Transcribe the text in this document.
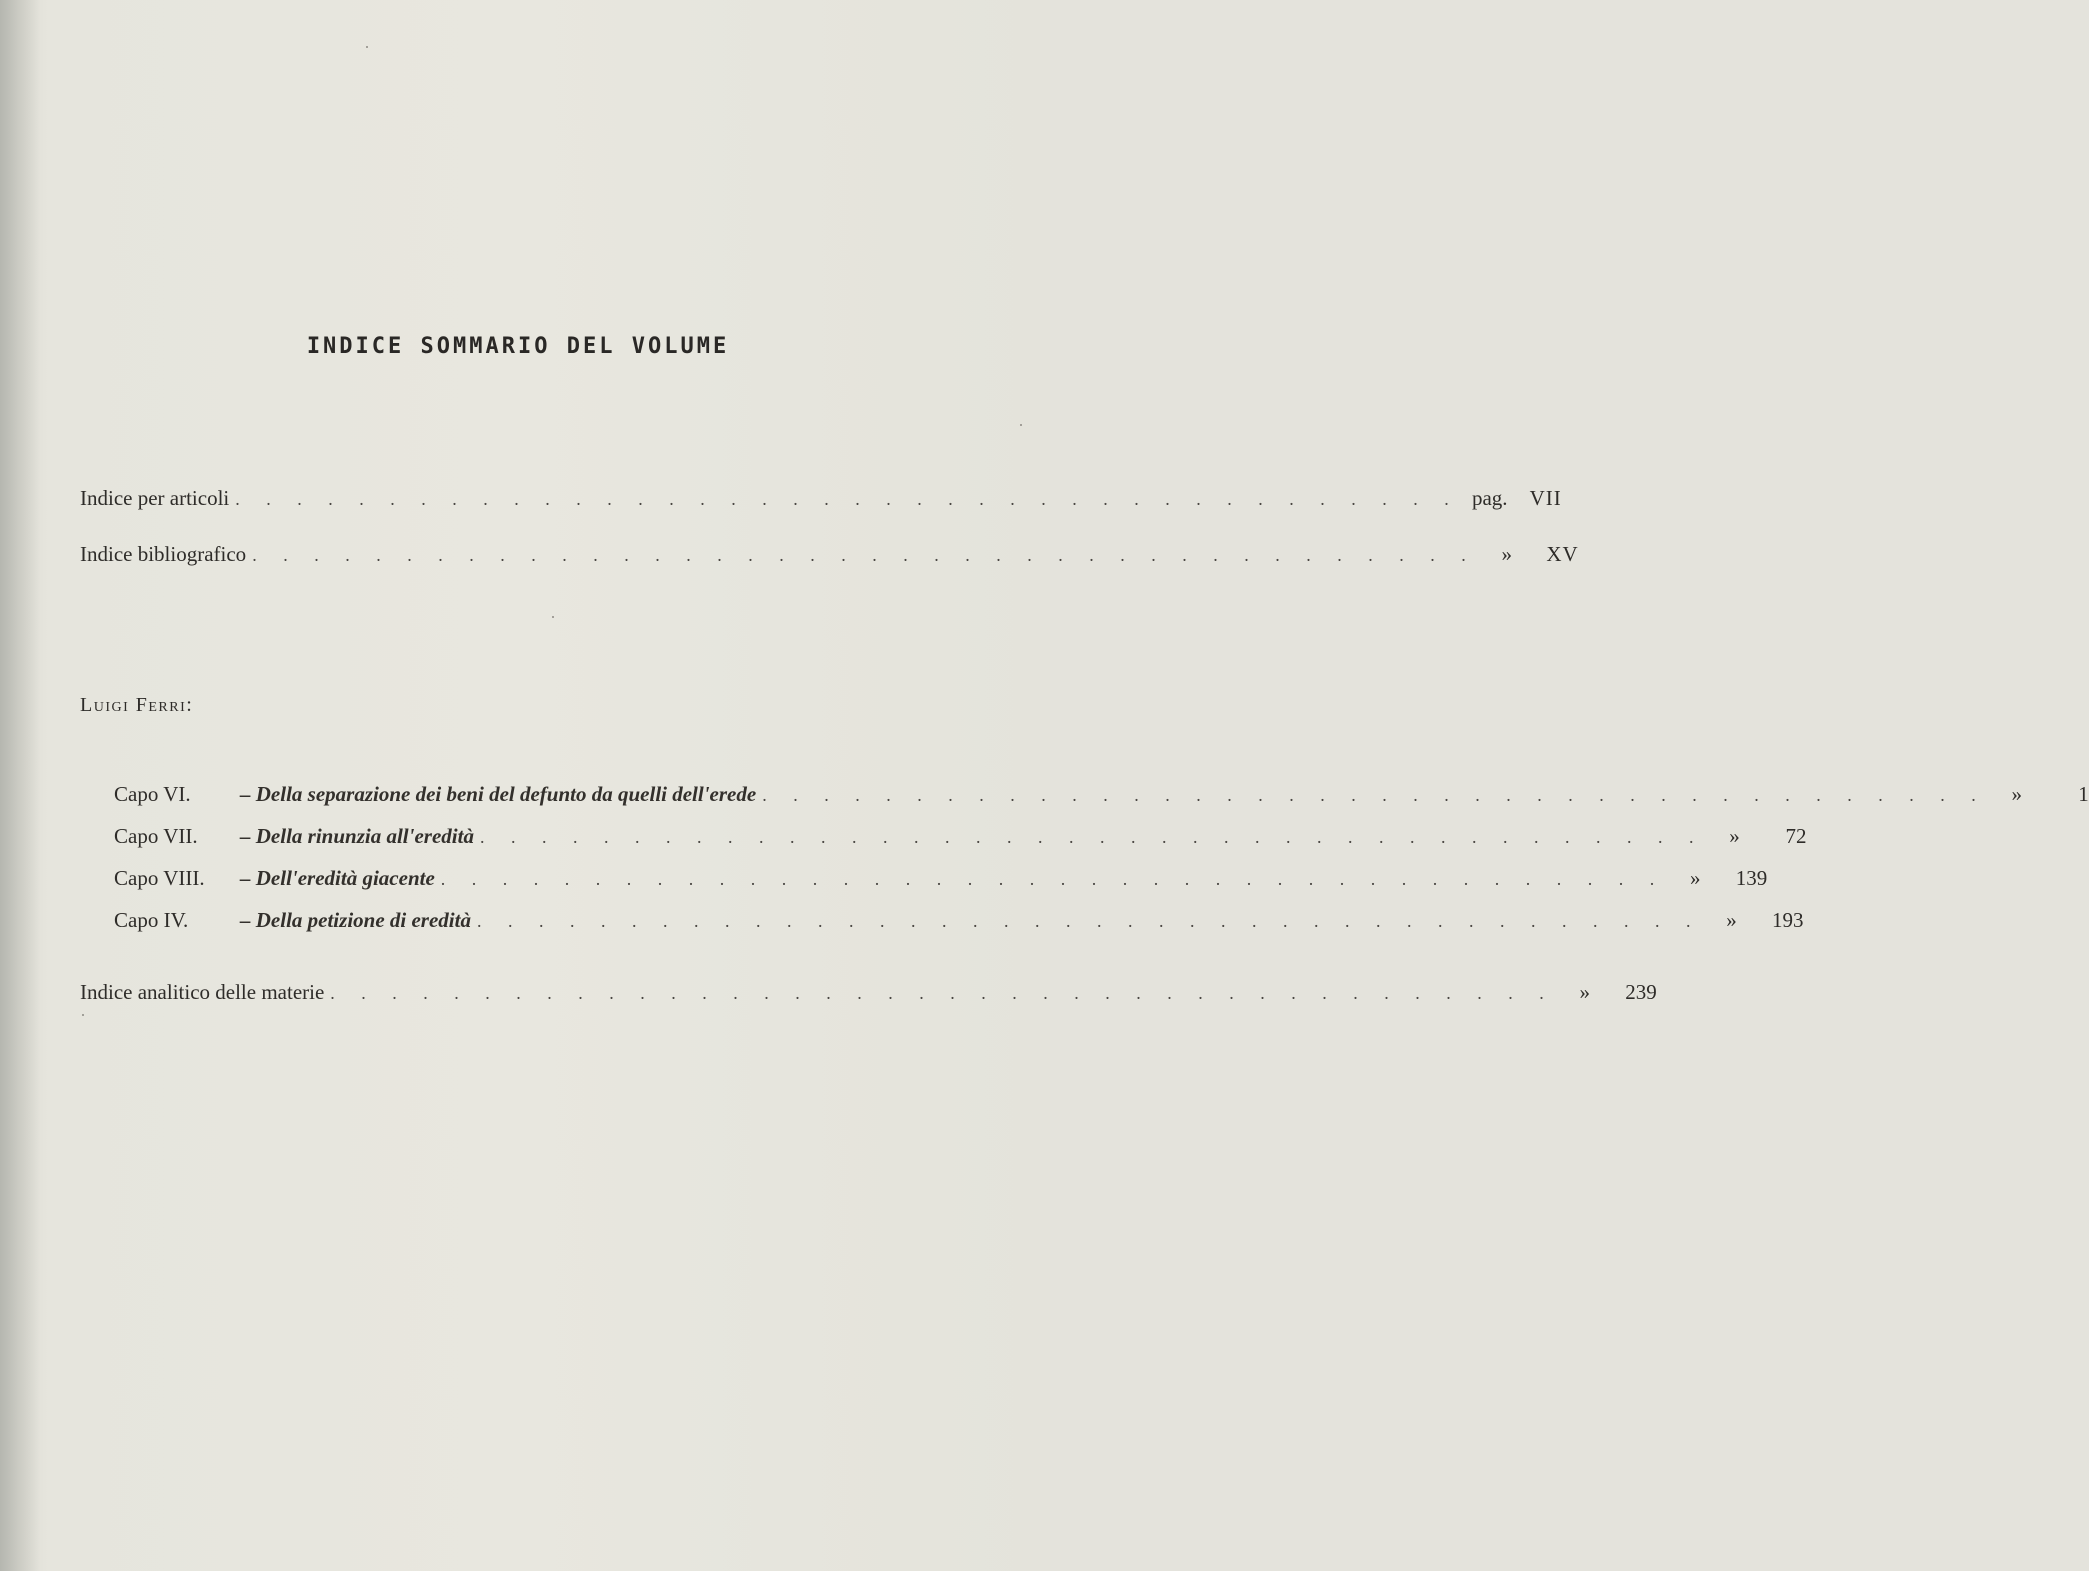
INDICE SOMMARIO DEL VOLUME
Indice per articoli . . . . . . . . . . . . . . . . . . . . . . . . . . . . . . . . . . . . . . . . pag.	VII
Indice bibliografico . . . . . . . . . . . . . . . . . . . . . . . . . . . . . . . . . . . . . . . .	»	XV
Luigi Ferri:
Capo VI.	– Della separazione dei beni del defunto da quelli dell'erede . . . . . . . . . . . . . . . . . . . . . . . . . . . . . . . . . . . . . . . .	»	1
Capo VII.	– Della rinunzia all'eredità . . . . . . . . . . . . . . . . . . . . . . . . . . . . . . . . . . . . . . . .	»	72
Capo VIII.	– Dell'eredità giacente . . . . . . . . . . . . . . . . . . . . . . . . . . . . . . . . . . . . . . . .	»	139
Capo IV.	– Della petizione di eredità . . . . . . . . . . . . . . . . . . . . . . . . . . . . . . . . . . . . . . . .	»	193
Indice analitico delle materie . . . . . . . . . . . . . . . . . . . . . . . . . . . . . . . . . . . . . . . .	»	239
